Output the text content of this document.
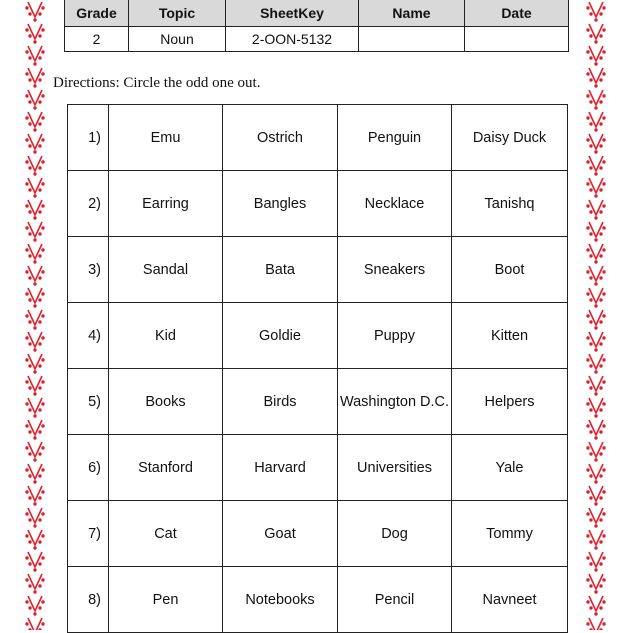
Grade	Topic	SheetKey	Name	Date
2	Noun	2-OON-5132		
Directions: Circle the odd one out.
1)	Emu	Ostrich	Penguin	Daisy Duck
2)	Earring	Bangles	Necklace	Tanishq
3)	Sandal	Bata	Sneakers	Boot
4)	Kid	Goldie	Puppy	Kitten
5)	Books	Birds	Washington D.C.	Helpers
6)	Stanford	Harvard	Universities	Yale
7)	Cat	Goat	Dog	Tommy
8)	Pen	Notebooks	Pencil	Navneet
